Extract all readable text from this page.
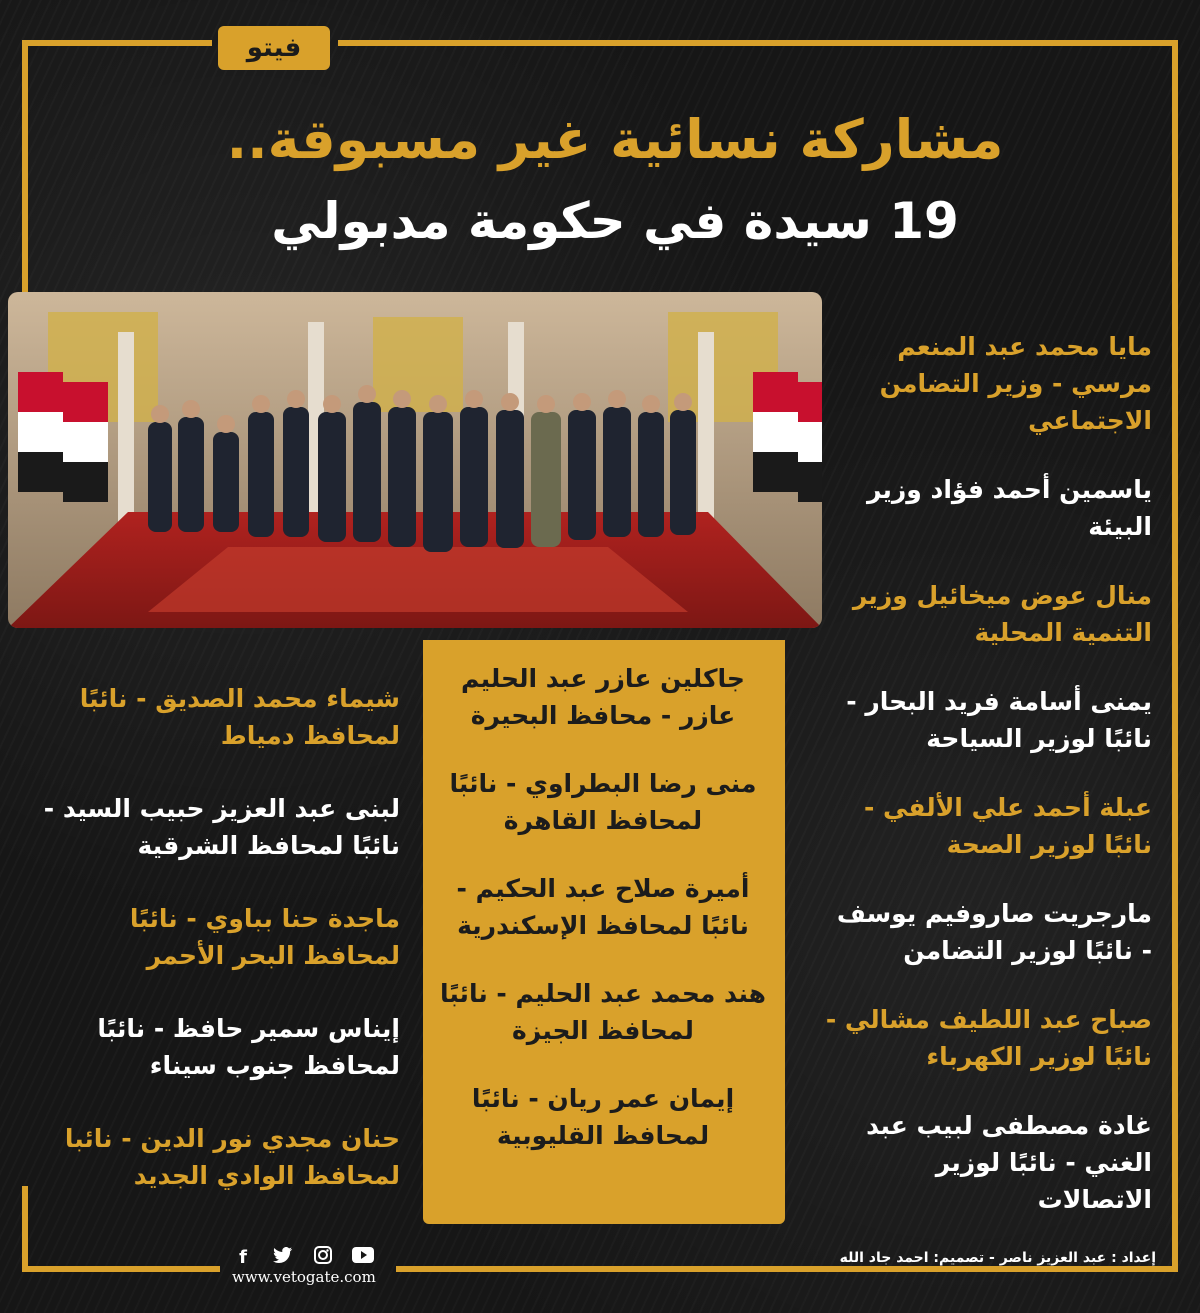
فيتو
مشاركة نسائية غير مسبوقة..
19 سيدة في حكومة مدبولي
مايا محمد عبد المنعم مرسي - وزير التضامن الاجتماعي
ياسمين أحمد فؤاد وزير البيئة
منال عوض ميخائيل وزير التنمية المحلية
يمنى أسامة فريد البحار - نائبًا لوزير السياحة
عبلة أحمد علي الألفي - نائبًا لوزير الصحة
مارجريت صاروفيم يوسف - نائبًا لوزير التضامن
صباح عبد اللطيف مشالي - نائبًا لوزير الكهرباء
غادة مصطفى لبيب عبد الغني - نائبًا لوزير الاتصالات
جاكلين عازر عبد الحليم عازر - محافظ البحيرة
منى رضا البطراوي - نائبًا لمحافظ القاهرة
أميرة صلاح عبد الحكيم - نائبًا لمحافظ الإسكندرية
هند محمد عبد الحليم - نائبًا لمحافظ الجيزة
إيمان عمر ريان - نائبًا لمحافظ القليوبية
شيماء محمد الصديق - نائبًا لمحافظ دمياط
لبنى عبد العزيز حبيب السيد - نائبًا لمحافظ الشرقية
ماجدة حنا بباوي - نائبًا لمحافظ البحر الأحمر
إيناس سمير حافظ - نائبًا لمحافظ جنوب سيناء
حنان مجدي نور الدين - نائبا لمحافظ الوادي الجديد
f
www.vetogate.com
إعداد : عبد العزيز ناصر - تصميم: احمد جاد الله
